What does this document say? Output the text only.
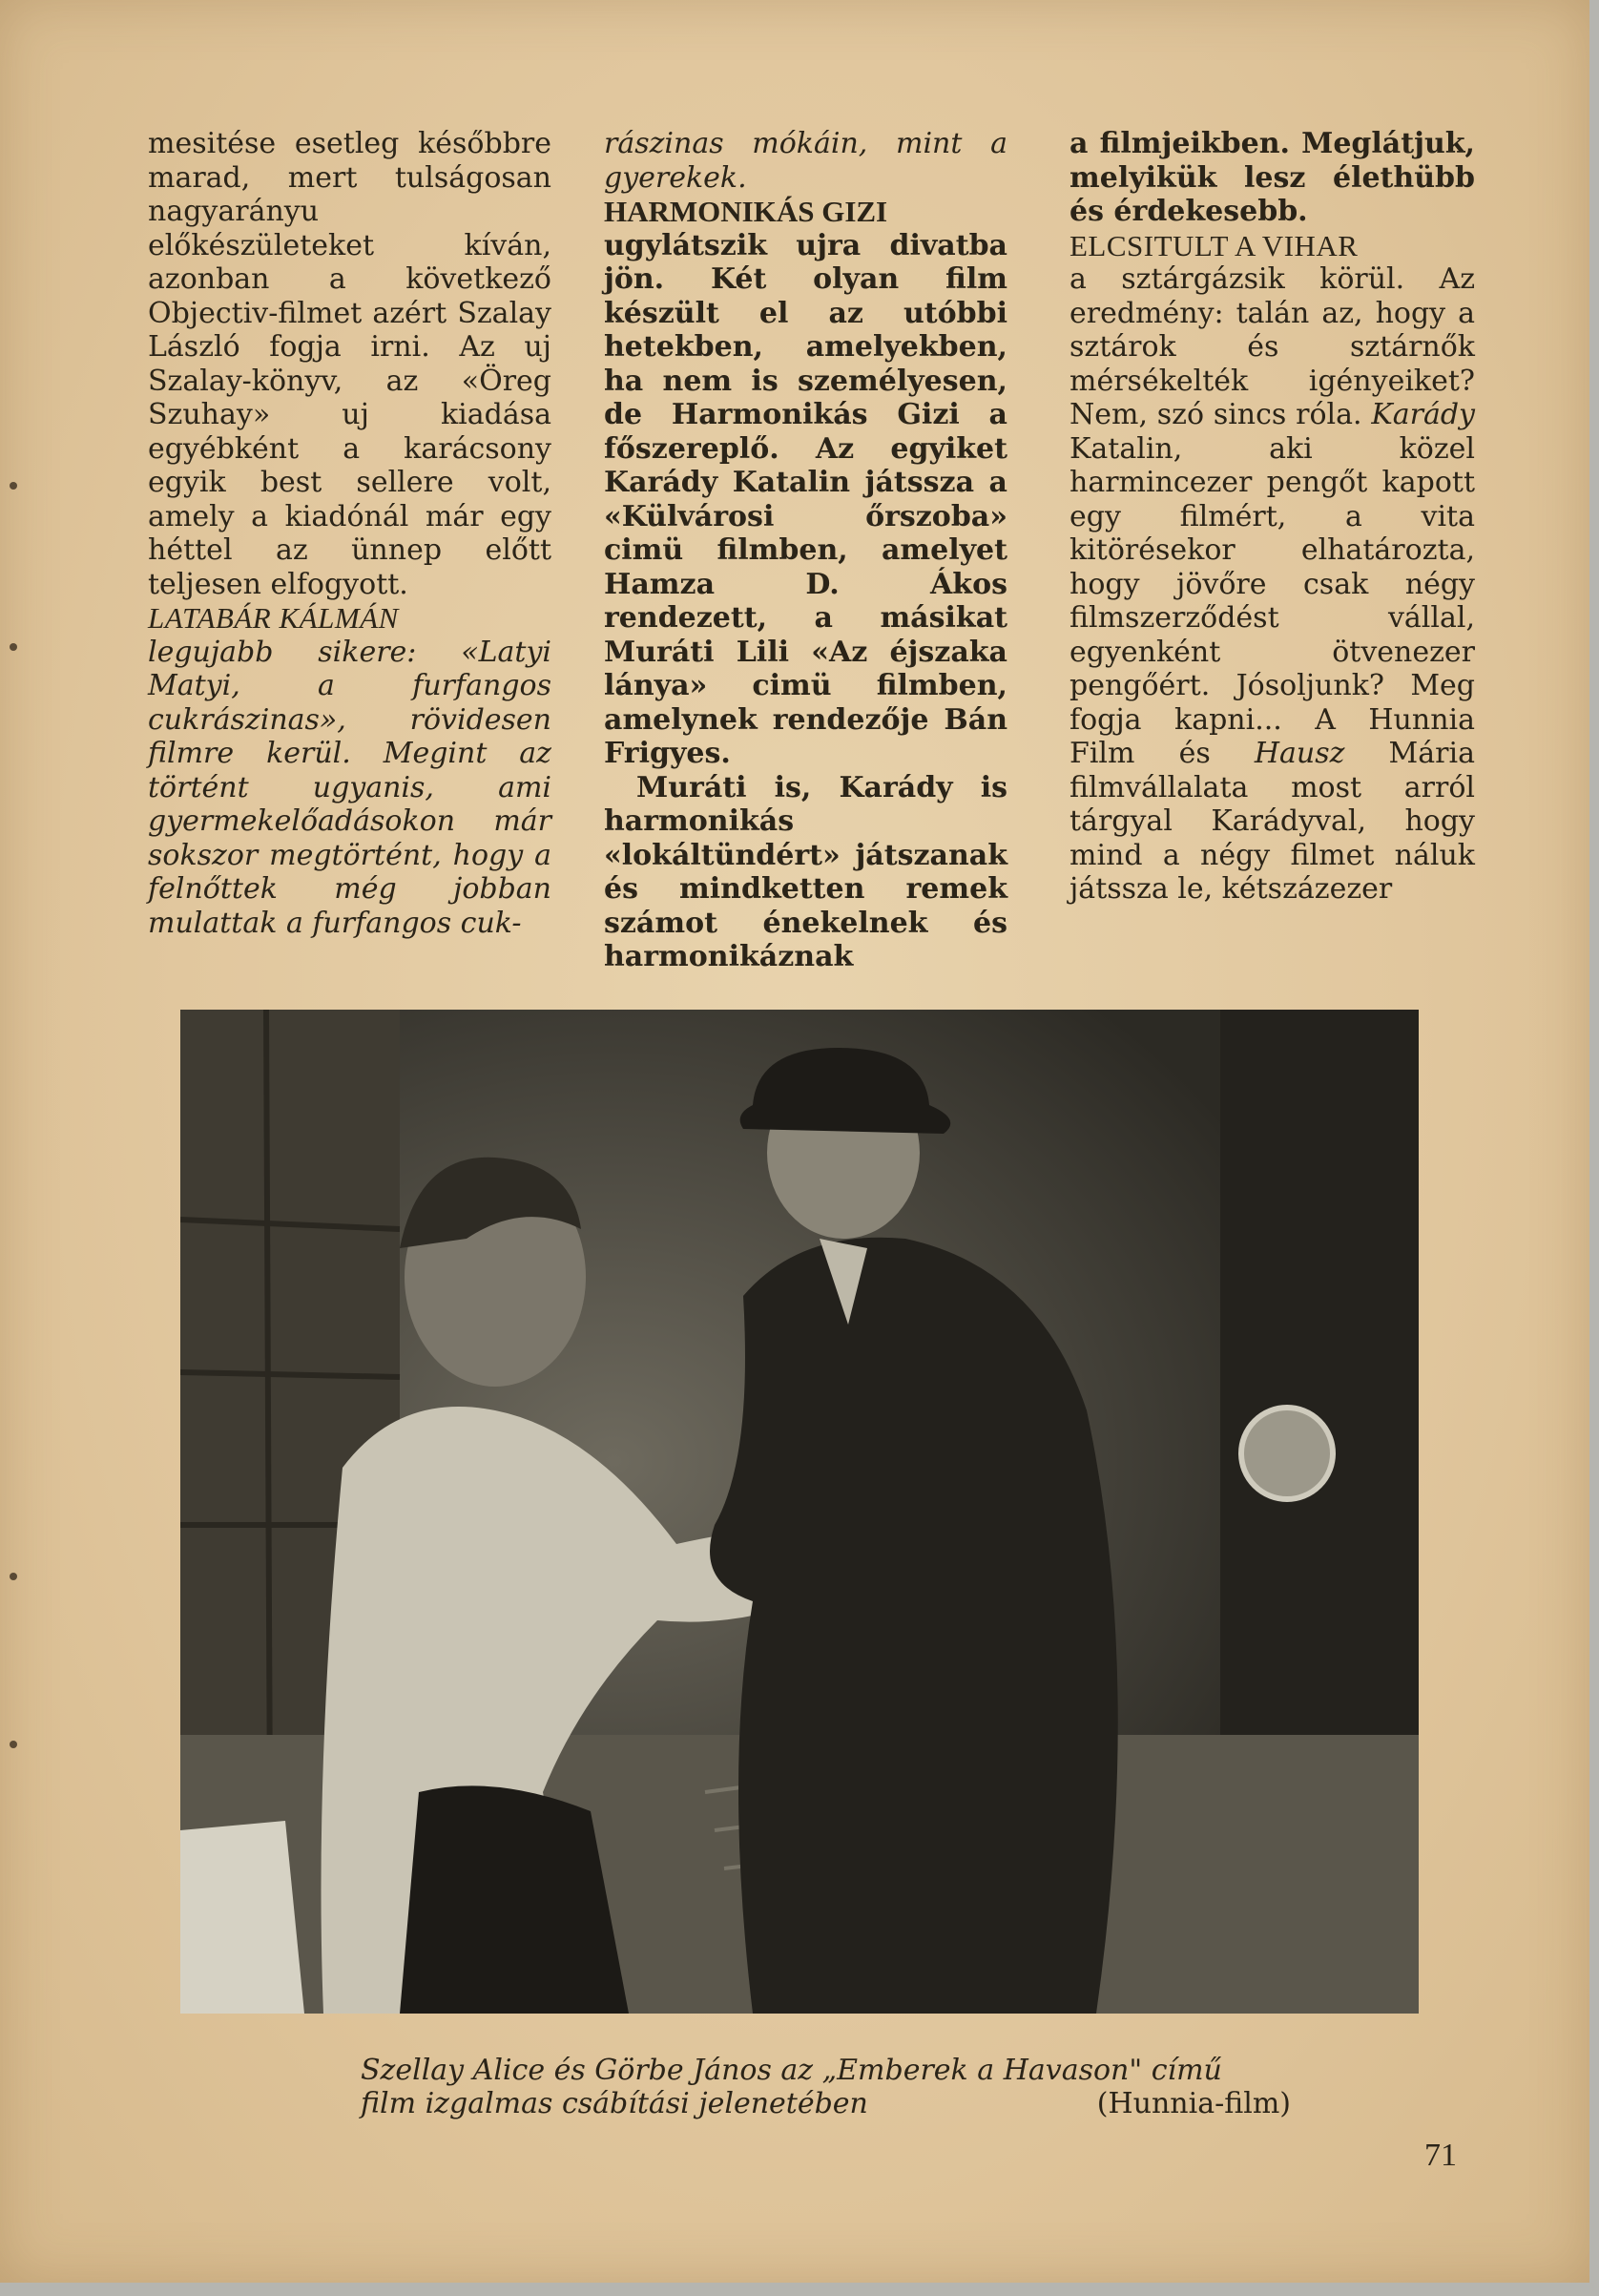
mesitése esetleg későbbre marad, mert tulságosan nagyarányu előkészületeket kíván, azonban a következő Objectiv-filmet azért Szalay László fogja irni. Az uj Szalay-könyv, az «Öreg Szuhay» uj kiadása egyébként a karácsony egyik best sellere volt, amely a kiadónál már egy héttel az ünnep előtt teljesen elfogyott.

LATABÁR KÁLMÁN

legujabb sikere: «Latyi Matyi, a furfangos cukrászinas», rövidesen filmre kerül. Megint az történt ugyanis, ami gyermekelőadásokon már sokszor megtörtént, hogy a felnőttek még jobban mulattak a furfangos cuk-

rászinas mókáin, mint a gyerekek.

HARMONIKÁS GIZI

ugylátszik ujra divatba jön. Két olyan film készült el az utóbbi hetekben, amelyekben, ha nem is személyesen, de Harmonikás Gizi a főszereplő. Az egyiket Karády Katalin játssza a «Külvárosi őrszoba» cimü filmben, amelyet Hamza D. Ákos rendezett, a másikat Muráti Lili «Az éjszaka lánya» cimü filmben, amelynek rendezője Bán Frigyes.

Muráti is, Karády is harmonikás «lokáltündért» játszanak és mindketten remek számot énekelnek és harmonikáznak

a filmjeikben. Meglátjuk, melyikük lesz élethübb és érdekesebb.

ELCSITULT A VIHAR

a sztárgázsik körül. Az eredmény: talán az, hogy a sztárok és sztárnők mérsékelték igényeiket? Nem, szó sincs róla. Karády Katalin, aki közel harmincezer pengőt kapott egy filmért, a vita kitörésekor elhatározta, hogy jövőre csak négy filmszerződést vállal, egyenként ötvenezer pengőért. Jósoljunk? Meg fogja kapni... A Hunnia Film és Hausz Mária filmvállalata most arról tárgyal Karádyval, hogy mind a négy filmet náluk játssza le, kétszázezer

Szellay Alice és Görbe János az „Emberek a Havason" című
film izgalmas csábítási jelenetében	(Hunnia-film)
71
